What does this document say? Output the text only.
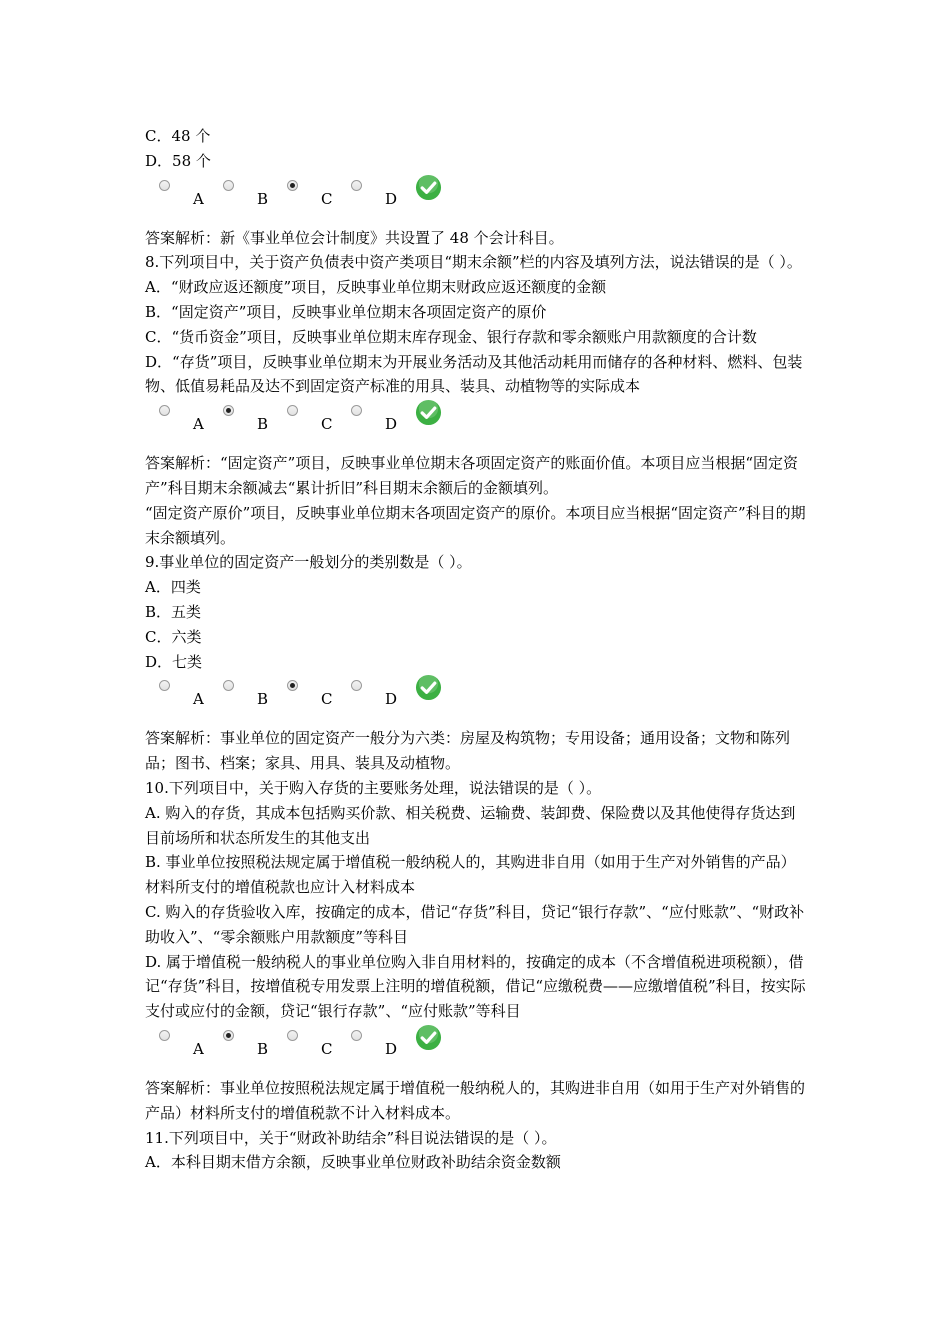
C．48 个

D．58 个

A	B	C	D

答案解析：新《事业单位会计制度》共设置了 48 个会计科目。

8.下列项目中，关于资产负债表中资产类项目“期末余额”栏的内容及填列方法，说法错误的是（ ）。

A．“财政应返还额度”项目，反映事业单位期末财政应返还额度的金额

B．“固定资产”项目，反映事业单位期末各项固定资产的原价

C．“货币资金”项目，反映事业单位期末库存现金、银行存款和零余额账户用款额度的合计数

D．“存货”项目，反映事业单位期末为开展业务活动及其他活动耗用而储存的各种材料、燃料、包装物、低值易耗品及达不到固定资产标准的用具、装具、动植物等的实际成本

A	B	C	D

答案解析：“固定资产”项目，反映事业单位期末各项固定资产的账面价值。本项目应当根据“固定资产”科目期末余额减去“累计折旧”科目期末余额后的金额填列。

“固定资产原价”项目，反映事业单位期末各项固定资产的原价。本项目应当根据“固定资产”科目的期末余额填列。

9.事业单位的固定资产一般划分的类别数是（ ）。

A．四类

B．五类

C．六类

D．七类

A	B	C	D

答案解析：事业单位的固定资产一般分为六类：房屋及构筑物；专用设备；通用设备；文物和陈列品；图书、档案；家具、用具、装具及动植物。

10.下列项目中，关于购入存货的主要账务处理，说法错误的是（ ）。

A. 购入的存货，其成本包括购买价款、相关税费、运输费、装卸费、保险费以及其他使得存货达到目前场所和状态所发生的其他支出

B. 事业单位按照税法规定属于增值税一般纳税人的，其购进非自用（如用于生产对外销售的产品）材料所支付的增值税款也应计入材料成本

C. 购入的存货验收入库，按确定的成本，借记“存货”科目，贷记“银行存款”、“应付账款”、“财政补助收入”、“零余额账户用款额度”等科目

D. 属于增值税一般纳税人的事业单位购入非自用材料的，按确定的成本（不含增值税进项税额），借记“存货”科目，按增值税专用发票上注明的增值税额，借记“应缴税费——应缴增值税”科目，按实际支付或应付的金额，贷记“银行存款”、“应付账款”等科目

A	B	C	D

答案解析：事业单位按照税法规定属于增值税一般纳税人的，其购进非自用（如用于生产对外销售的产品）材料所支付的增值税款不计入材料成本。

11.下列项目中，关于“财政补助结余”科目说法错误的是（ ）。

A．本科目期末借方余额，反映事业单位财政补助结余资金数额
